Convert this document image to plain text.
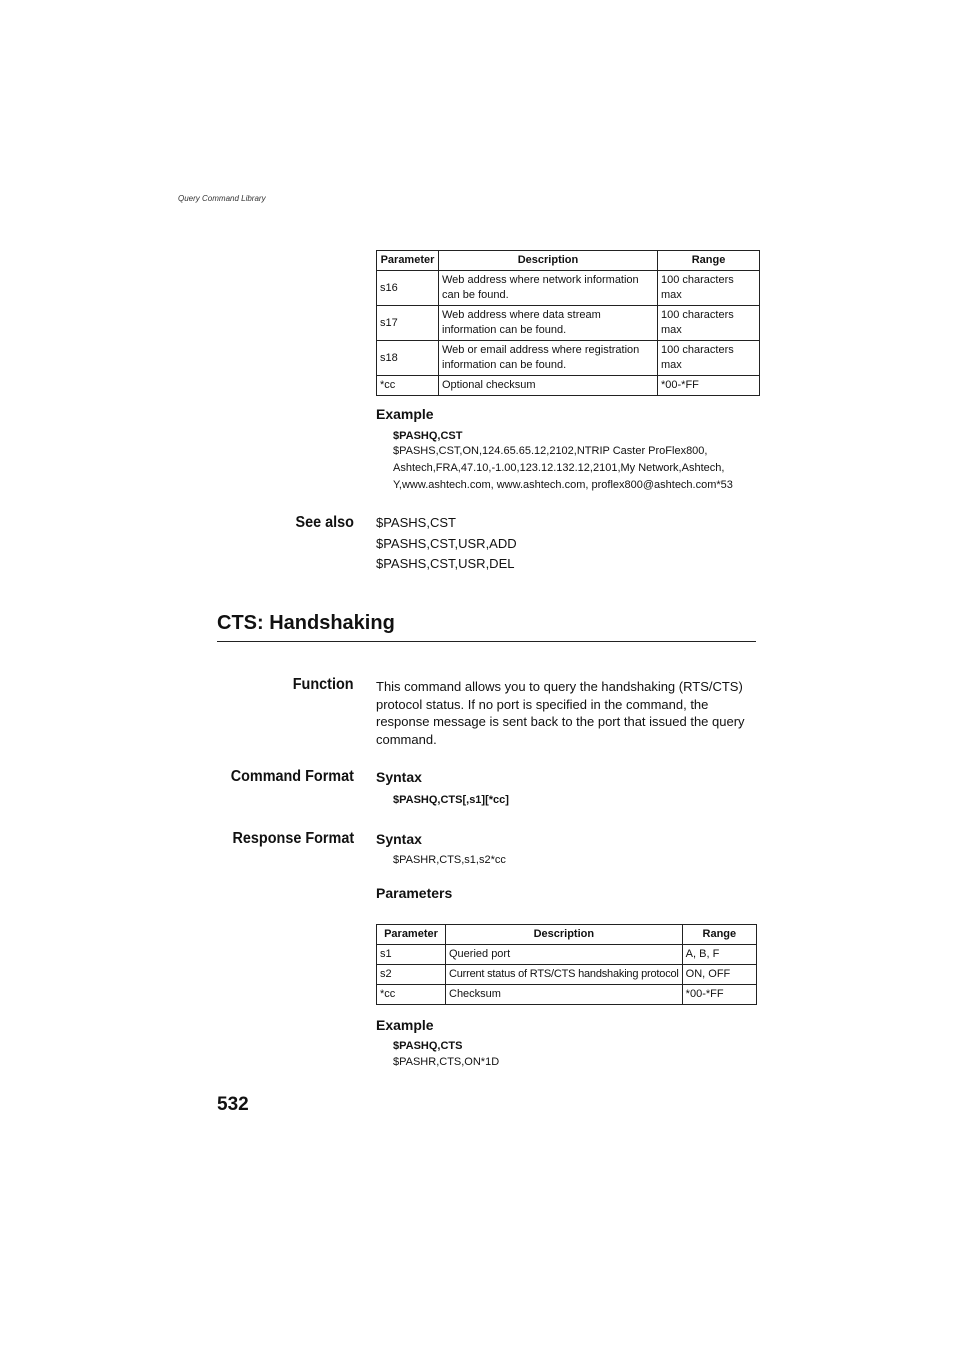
Query Command Library
Parameter	Description	Range
s16	Web address where network information can be found.	100 characters max
s17	Web address where data stream information can be found.	100 characters max
s18	Web or email address where registration information can be found.	100 characters max
*cc	Optional checksum	*00-*FF
Example
$PASHQ,CST
$PASHS,CST,ON,124.65.65.12,2102,NTRIP Caster ProFlex800,
Ashtech,FRA,47.10,-1.00,123.12.132.12,2101,My Network,Ashtech,
Y,www.ashtech.com, www.ashtech.com, proflex800@ashtech.com*53
See also $PASHS,CST
$PASHS,CST,USR,ADD
$PASHS,CST,USR,DEL
CTS: Handshaking
Function This command allows you to query the handshaking (RTS/CTS) protocol status. If no port is specified in the command, the response message is sent back to the port that issued the query command.
Command Format Syntax
$PASHQ,CTS[,s1][*cc]
Response Format Syntax
$PASHR,CTS,s1,s2*cc
Parameters
Parameter	Description	Range
s1	Queried port	A, B, F
s2	Current status of RTS/CTS handshaking protocol	ON, OFF
*cc	Checksum	*00-*FF
Example
$PASHQ,CTS
$PASHR,CTS,ON*1D
532
